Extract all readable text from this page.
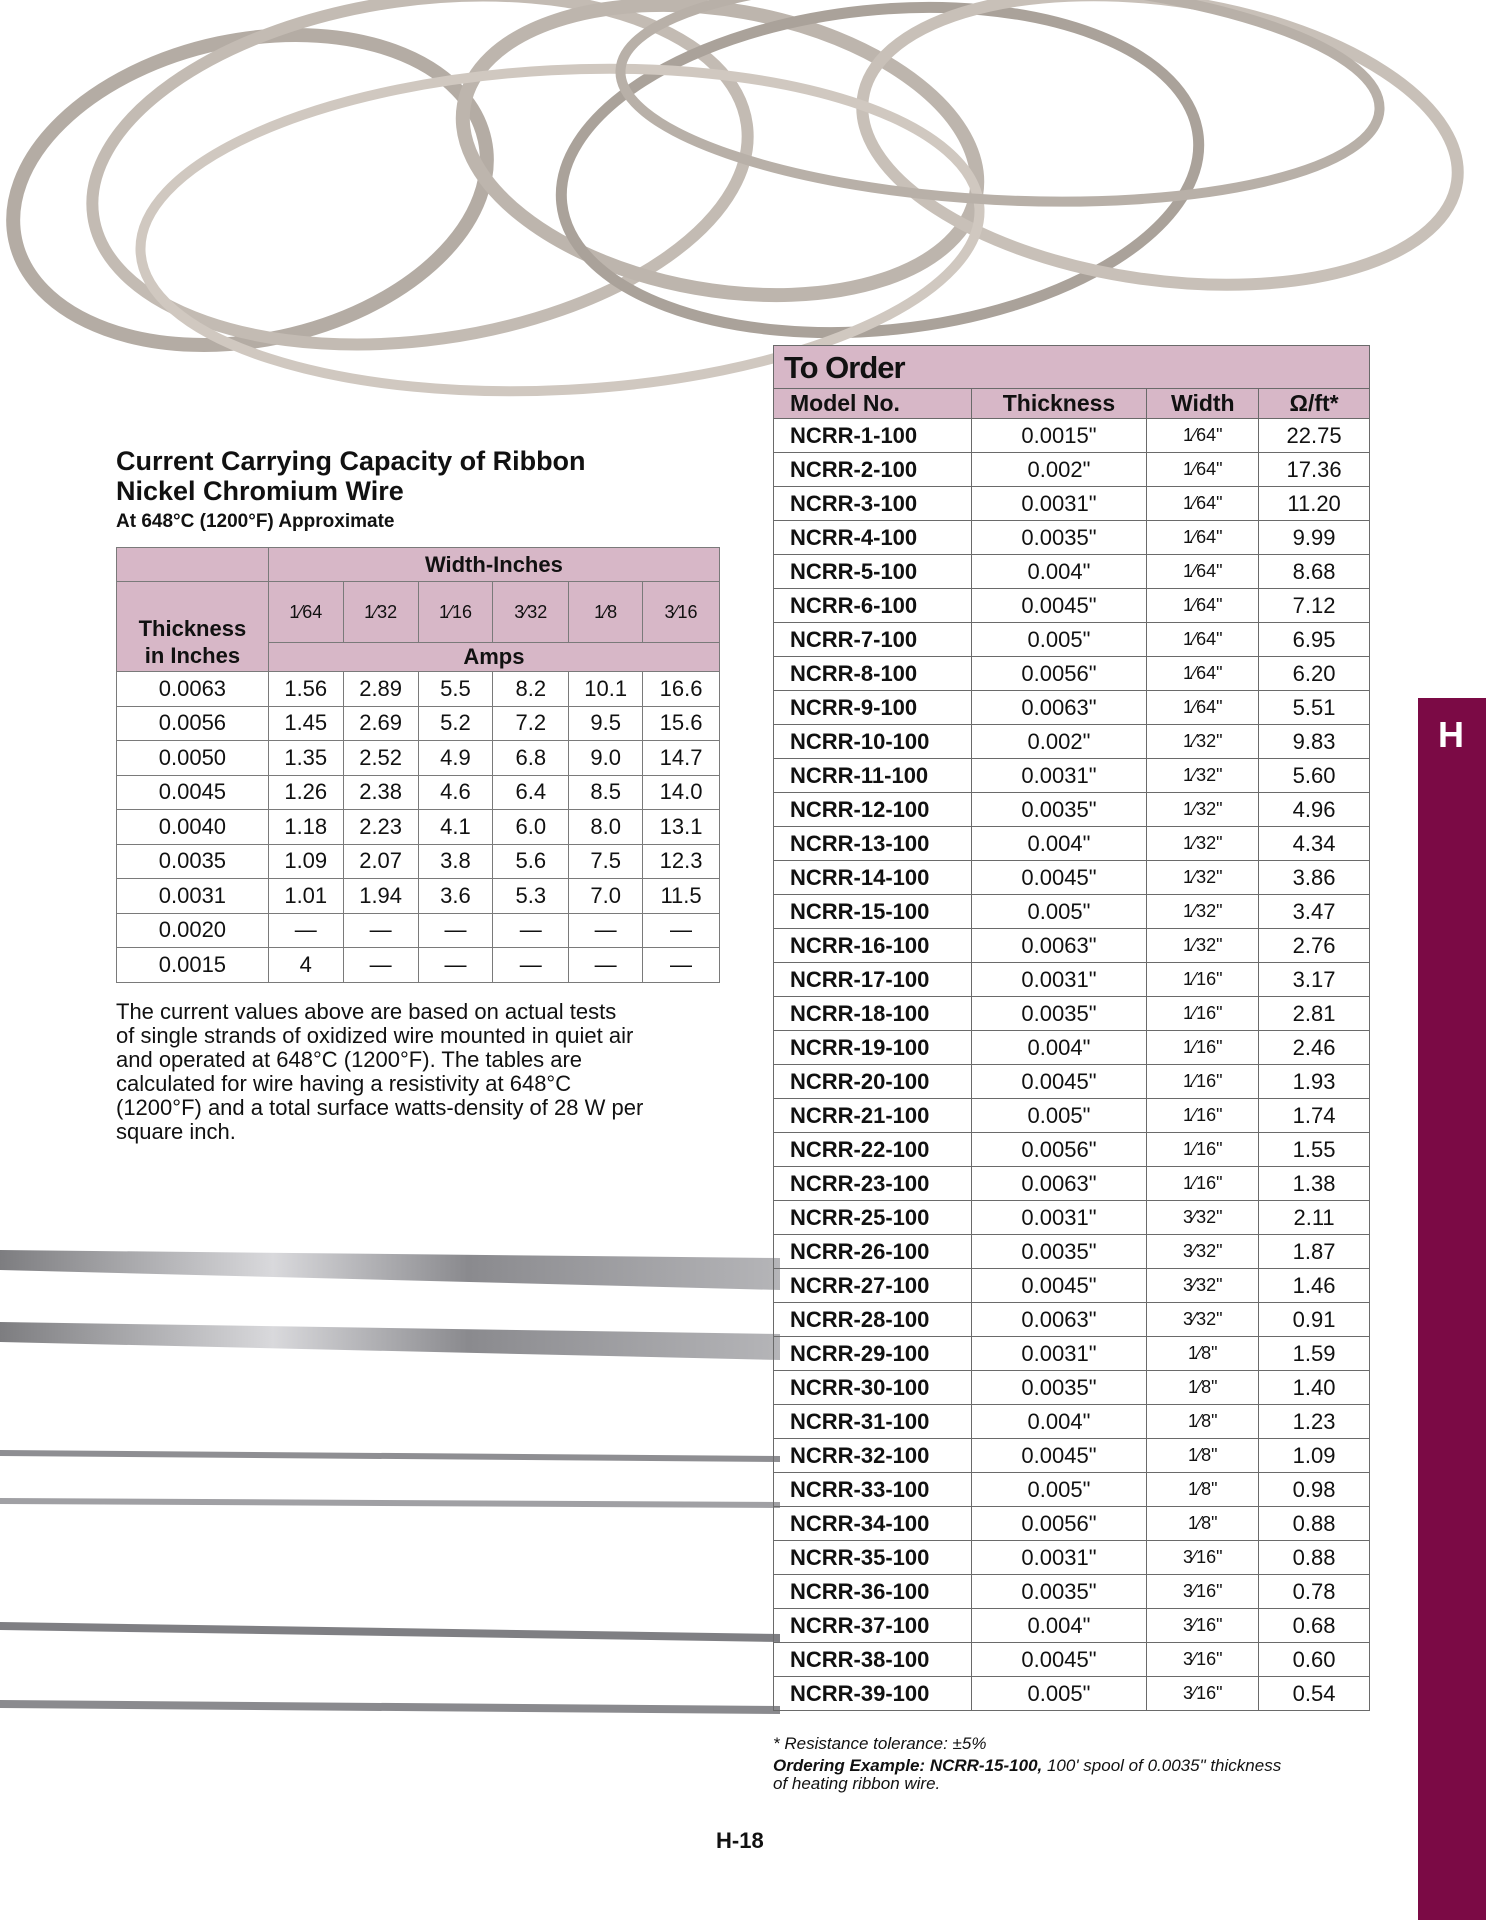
Current Carrying Capacity of Ribbon
Nickel Chromium Wire
At 648°C (1200°F) Approximate
	Width-Inches					

Thickness
in Inches	1⁄64	1⁄32	1⁄16	3⁄32	1⁄8	3⁄16
	Amps					
0.0063	1.56	2.89	5.5	8.2	10.1	16.6
0.0056	1.45	2.69	5.2	7.2	9.5	15.6
0.0050	1.35	2.52	4.9	6.8	9.0	14.7
0.0045	1.26	2.38	4.6	6.4	8.5	14.0
0.0040	1.18	2.23	4.1	6.0	8.0	13.1
0.0035	1.09	2.07	3.8	5.6	7.5	12.3
0.0031	1.01	1.94	3.6	5.3	7.0	11.5
0.0020	—	—	—	—	—	—
0.0015	4	—	—	—	—	—
The current values above are based on actual tests
of single strands of oxidized wire mounted in quiet air
and operated at 648°C (1200°F). The tables are
calculated for wire having a resistivity at 648°C
(1200°F) and a total surface watts-density of 28 W per
square inch.
To Order
Model No.	Thickness	Width	Ω/ft*
NCRR-1-100	0.0015"	1⁄64"	22.75
NCRR-2-100	0.002"	1⁄64"	17.36
NCRR-3-100	0.0031"	1⁄64"	11.20
NCRR-4-100	0.0035"	1⁄64"	9.99
NCRR-5-100	0.004"	1⁄64"	8.68
NCRR-6-100	0.0045"	1⁄64"	7.12
NCRR-7-100	0.005"	1⁄64"	6.95
NCRR-8-100	0.0056"	1⁄64"	6.20
NCRR-9-100	0.0063"	1⁄64"	5.51
NCRR-10-100	0.002"	1⁄32"	9.83
NCRR-11-100	0.0031"	1⁄32"	5.60
NCRR-12-100	0.0035"	1⁄32"	4.96
NCRR-13-100	0.004"	1⁄32"	4.34
NCRR-14-100	0.0045"	1⁄32"	3.86
NCRR-15-100	0.005"	1⁄32"	3.47
NCRR-16-100	0.0063"	1⁄32"	2.76
NCRR-17-100	0.0031"	1⁄16"	3.17
NCRR-18-100	0.0035"	1⁄16"	2.81
NCRR-19-100	0.004"	1⁄16"	2.46
NCRR-20-100	0.0045"	1⁄16"	1.93
NCRR-21-100	0.005"	1⁄16"	1.74
NCRR-22-100	0.0056"	1⁄16"	1.55
NCRR-23-100	0.0063"	1⁄16"	1.38
NCRR-25-100	0.0031"	3⁄32"	2.11
NCRR-26-100	0.0035"	3⁄32"	1.87
NCRR-27-100	0.0045"	3⁄32"	1.46
NCRR-28-100	0.0063"	3⁄32"	0.91
NCRR-29-100	0.0031"	1⁄8"	1.59
NCRR-30-100	0.0035"	1⁄8"	1.40
NCRR-31-100	0.004"	1⁄8"	1.23
NCRR-32-100	0.0045"	1⁄8"	1.09
NCRR-33-100	0.005"	1⁄8"	0.98
NCRR-34-100	0.0056"	1⁄8"	0.88
NCRR-35-100	0.0031"	3⁄16"	0.88
NCRR-36-100	0.0035"	3⁄16"	0.78
NCRR-37-100	0.004"	3⁄16"	0.68
NCRR-38-100	0.0045"	3⁄16"	0.60
NCRR-39-100	0.005"	3⁄16"	0.54
* Resistance tolerance: ±5%
Ordering Example: NCRR-15-100, 100' spool of 0.0035" thickness
of heating ribbon wire.
H-18
H
